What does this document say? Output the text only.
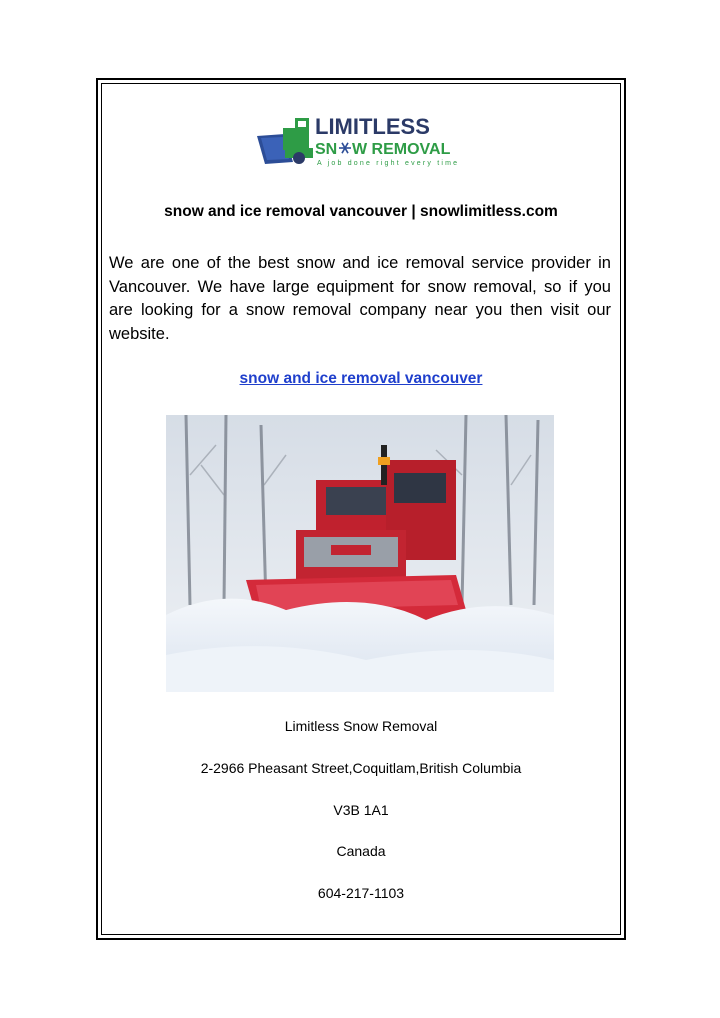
LIMITLESS
SN W REMOVAL
A job done right every time
snow and ice removal vancouver | snowlimitless.com

We are one of the best snow and ice removal service provider in Vancouver. We have large equipment for snow removal, so if you are looking for a snow removal company near you then visit our website.

snow and ice removal vancouver
Limitless Snow Removal
2-2966 Pheasant Street,Coquitlam,British Columbia
V3B 1A1
Canada
604-217-1103
